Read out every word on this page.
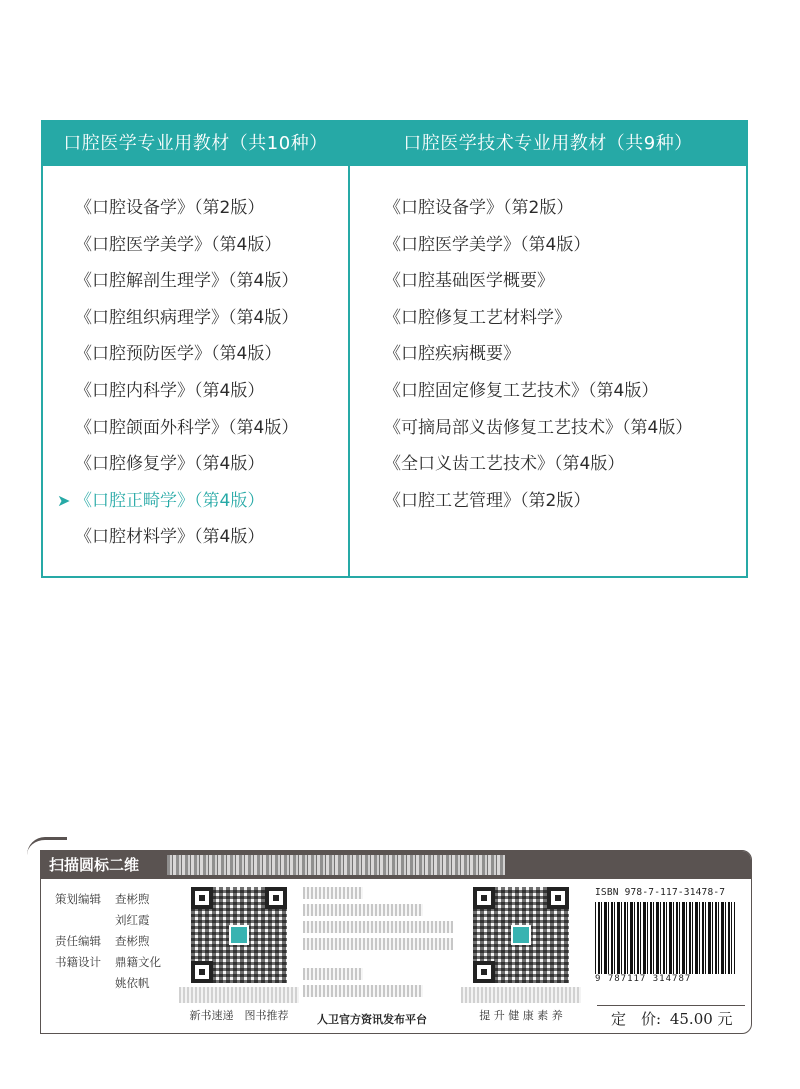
口腔医学专业用教材（共10种）
《口腔设备学》（第2版）
《口腔医学美学》（第4版）
《口腔解剖生理学》（第4版）
《口腔组织病理学》（第4版）
《口腔预防医学》（第4版）
《口腔内科学》（第4版）
《口腔颌面外科学》（第4版）
《口腔修复学》（第4版）
➤ 《口腔正畸学》（第4版）
《口腔材料学》（第4版）
口腔医学技术专业用教材（共9种）
《口腔设备学》（第2版）
《口腔医学美学》（第4版）
《口腔基础医学概要》
《口腔修复工艺材料学》
《口腔疾病概要》
《口腔固定修复工艺技术》（第4版）
《可摘局部义齿修复工艺技术》（第4版）
《全口义齿工艺技术》（第4版）
《口腔工艺管理》（第2版）
扫描圆标二维
策划编辑	查彬煦
刘红霞
责任编辑	查彬煦
书籍设计	鼎籍文化
姚依帆
新书速递　图书推荐	人卫官方资讯发布平台	提 升 健 康 素 养
ISBN 978-7-117-31478-7
9 787117 314787
定　价: 45.00 元
